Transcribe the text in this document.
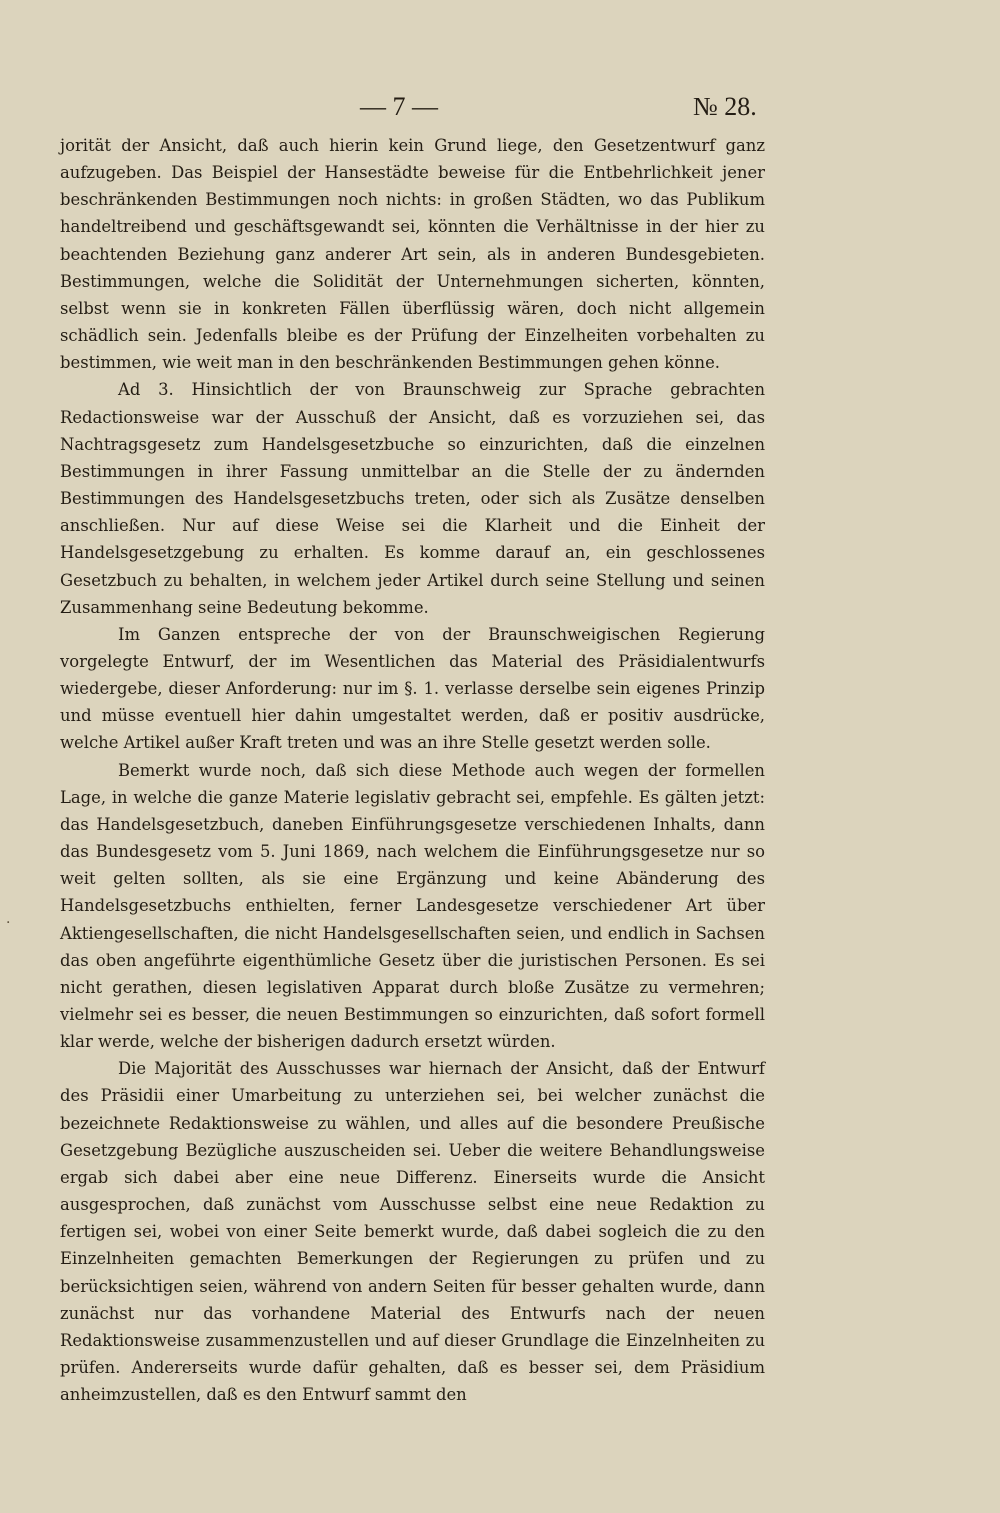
— 7 —	№ 28.

jorität der Ansicht, daß auch hierin kein Grund liege, den Gesetzentwurf ganz aufzugeben. Das Beispiel der Hansestädte beweise für die Entbehrlichkeit jener beschränkenden Bestimmungen noch nichts: in großen Städten, wo das Publikum handeltreibend und geschäftsgewandt sei, könnten die Verhältnisse in der hier zu beachtenden Beziehung ganz anderer Art sein, als in anderen Bundesgebieten. Bestimmungen, welche die Solidität der Unternehmungen sicherten, könnten, selbst wenn sie in konkreten Fällen überflüssig wären, doch nicht allgemein schädlich sein. Jedenfalls bleibe es der Prüfung der Einzelheiten vorbehalten zu bestimmen, wie weit man in den beschränkenden Bestimmungen gehen könne.

Ad 3. Hinsichtlich der von Braunschweig zur Sprache gebrachten Redactionsweise war der Ausschuß der Ansicht, daß es vorzuziehen sei, das Nachtragsgesetz zum Handelsgesetzbuche so einzurichten, daß die einzelnen Bestimmungen in ihrer Fassung unmittelbar an die Stelle der zu ändernden Bestimmungen des Handelsgesetzbuchs treten, oder sich als Zusätze denselben anschließen. Nur auf diese Weise sei die Klarheit und die Einheit der Handelsgesetzgebung zu erhalten. Es komme darauf an, ein geschlossenes Gesetzbuch zu behalten, in welchem jeder Artikel durch seine Stellung und seinen Zusammenhang seine Bedeutung bekomme.

Im Ganzen entspreche der von der Braunschweigischen Regierung vorgelegte Entwurf, der im Wesentlichen das Material des Präsidialentwurfs wiedergebe, dieser Anforderung: nur im §. 1. verlasse derselbe sein eigenes Prinzip und müsse eventuell hier dahin umgestaltet werden, daß er positiv ausdrücke, welche Artikel außer Kraft treten und was an ihre Stelle gesetzt werden solle.

Bemerkt wurde noch, daß sich diese Methode auch wegen der formellen Lage, in welche die ganze Materie legislativ gebracht sei, empfehle. Es gälten jetzt: das Handelsgesetzbuch, daneben Einführungsgesetze verschiedenen Inhalts, dann das Bundesgesetz vom 5. Juni 1869, nach welchem die Einführungsgesetze nur so weit gelten sollten, als sie eine Ergänzung und keine Abänderung des Handelsgesetzbuchs enthielten, ferner Landesgesetze verschiedener Art über Aktiengesellschaften, die nicht Handelsgesellschaften seien, und endlich in Sachsen das oben angeführte eigenthümliche Gesetz über die juristischen Personen. Es sei nicht gerathen, diesen legislativen Apparat durch bloße Zusätze zu vermehren; vielmehr sei es besser, die neuen Bestimmungen so einzurichten, daß sofort formell klar werde, welche der bisherigen dadurch ersetzt würden.

Die Majorität des Ausschusses war hiernach der Ansicht, daß der Entwurf des Präsidii einer Umarbeitung zu unterziehen sei, bei welcher zunächst die bezeichnete Redaktionsweise zu wählen, und alles auf die besondere Preußische Gesetzgebung Bezügliche auszuscheiden sei. Ueber die weitere Behandlungsweise ergab sich dabei aber eine neue Differenz. Einerseits wurde die Ansicht ausgesprochen, daß zunächst vom Ausschusse selbst eine neue Redaktion zu fertigen sei, wobei von einer Seite bemerkt wurde, daß dabei sogleich die zu den Einzelnheiten gemachten Bemerkungen der Regierungen zu prüfen und zu berücksichtigen seien, während von andern Seiten für besser gehalten wurde, dann zunächst nur das vorhandene Material des Entwurfs nach der neuen Redaktionsweise zusammenzustellen und auf dieser Grundlage die Einzelnheiten zu prüfen. Andererseits wurde dafür gehalten, daß es besser sei, dem Präsidium anheimzustellen, daß es den Entwurf sammt den

·
